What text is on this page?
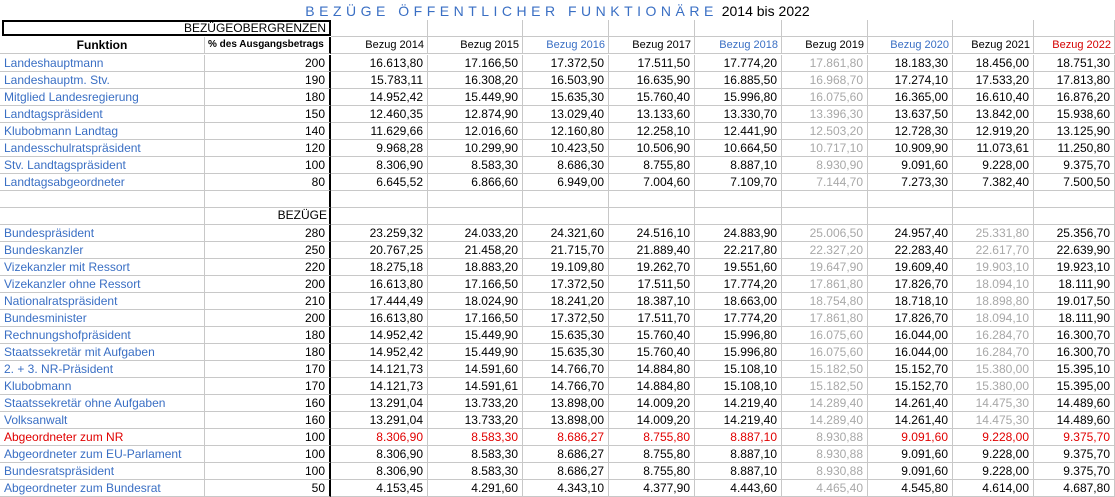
BEZÜGE ÖFFENTLICHER FUNKTIONÄRE 2014 bis 2022
Funktion	% des Ausgangsbetrags	Bezug 2014	Bezug 2015	Bezug 2016	Bezug 2017	Bezug 2018	Bezug 2019	Bezug 2020	Bezug 2021	Bezug 2022
Landeshauptmann	200	16.613,80	17.166,50	17.372,50	17.511,50	17.774,20	17.861,80	18.183,30	18.456,00	18.751,30
Landeshauptm. Stv.	190	15.783,11	16.308,20	16.503,90	16.635,90	16.885,50	16.968,70	17.274,10	17.533,20	17.813,80
Mitglied Landesregierung	180	14.952,42	15.449,90	15.635,30	15.760,40	15.996,80	16.075,60	16.365,00	16.610,40	16.876,20
Landtagspräsident	150	12.460,35	12.874,90	13.029,40	13.133,60	13.330,70	13.396,30	13.637,50	13.842,00	15.938,60
Klubobmann Landtag	140	11.629,66	12.016,60	12.160,80	12.258,10	12.441,90	12.503,20	12.728,30	12.919,20	13.125,90
Landesschulratspräsident	120	9.968,28	10.299,90	10.423,50	10.506,90	10.664,50	10.717,10	10.909,90	11.073,61	11.250,80
Stv. Landtagspräsident	100	8.306,90	8.583,30	8.686,30	8.755,80	8.887,10	8.930,90	9.091,60	9.228,00	9.375,70
Landtagsabgeordneter	80	6.645,52	6.866,60	6.949,00	7.004,60	7.109,70	7.144,70	7.273,30	7.382,40	7.500,50
Bundespräsident	280	23.259,32	24.033,20	24.321,60	24.516,10	24.883,90	25.006,50	24.957,40	25.331,80	25.356,70
Bundeskanzler	250	20.767,25	21.458,20	21.715,70	21.889,40	22.217,80	22.327,20	22.283,40	22.617,70	22.639,90
Vizekanzler mit Ressort	220	18.275,18	18.883,20	19.109,80	19.262,70	19.551,60	19.647,90	19.609,40	19.903,10	19.923,10
Vizekanzler ohne Ressort	200	16.613,80	17.166,50	17.372,50	17.511,50	17.774,20	17.861,80	17.826,70	18.094,10	18.111,90
Nationalratspräsident	210	17.444,49	18.024,90	18.241,20	18.387,10	18.663,00	18.754,80	18.718,10	18.898,80	19.017,50
Bundesminister	200	16.613,80	17.166,50	17.372,50	17.511,70	17.774,20	17.861,80	17.826,70	18.094,10	18.111,90
Rechnungshofpräsident	180	14.952,42	15.449,90	15.635,30	15.760,40	15.996,80	16.075,60	16.044,00	16.284,70	16.300,70
Staatssekretär mit Aufgaben	180	14.952,42	15.449,90	15.635,30	15.760,40	15.996,80	16.075,60	16.044,00	16.284,70	16.300,70
2. + 3. NR-Präsident	170	14.121,73	14.591,60	14.766,70	14.884,80	15.108,10	15.182,50	15.152,70	15.380,00	15.395,10
Klubobmann	170	14.121,73	14.591,61	14.766,70	14.884,80	15.108,10	15.182,50	15.152,70	15.380,00	15.395,00
Staatssekretär ohne Aufgaben	160	13.291,04	13.733,20	13.898,00	14.009,20	14.219,40	14.289,40	14.261,40	14.475,30	14.489,60
Volksanwalt	160	13.291,04	13.733,20	13.898,00	14.009,20	14.219,40	14.289,40	14.261,40	14.475,30	14.489,60
Abgeordneter zum NR	100	8.306,90	8.583,30	8.686,27	8.755,80	8.887,10	8.930,88	9.091,60	9.228,00	9.375,70
Abgeordneter zum EU-Parlament	100	8.306,90	8.583,30	8.686,27	8.755,80	8.887,10	8.930,88	9.091,60	9.228,00	9.375,70
Bundesratspräsident	100	8.306,90	8.583,30	8.686,27	8.755,80	8.887,10	8.930,88	9.091,60	9.228,00	9.375,70
Abgeordneter zum Bundesrat	50	4.153,45	4.291,60	4.343,10	4.377,90	4.443,60	4.465,40	4.545,80	4.614,00	4.687,80
BEZÜGEOBERGRENZEN
BEZÜGE
